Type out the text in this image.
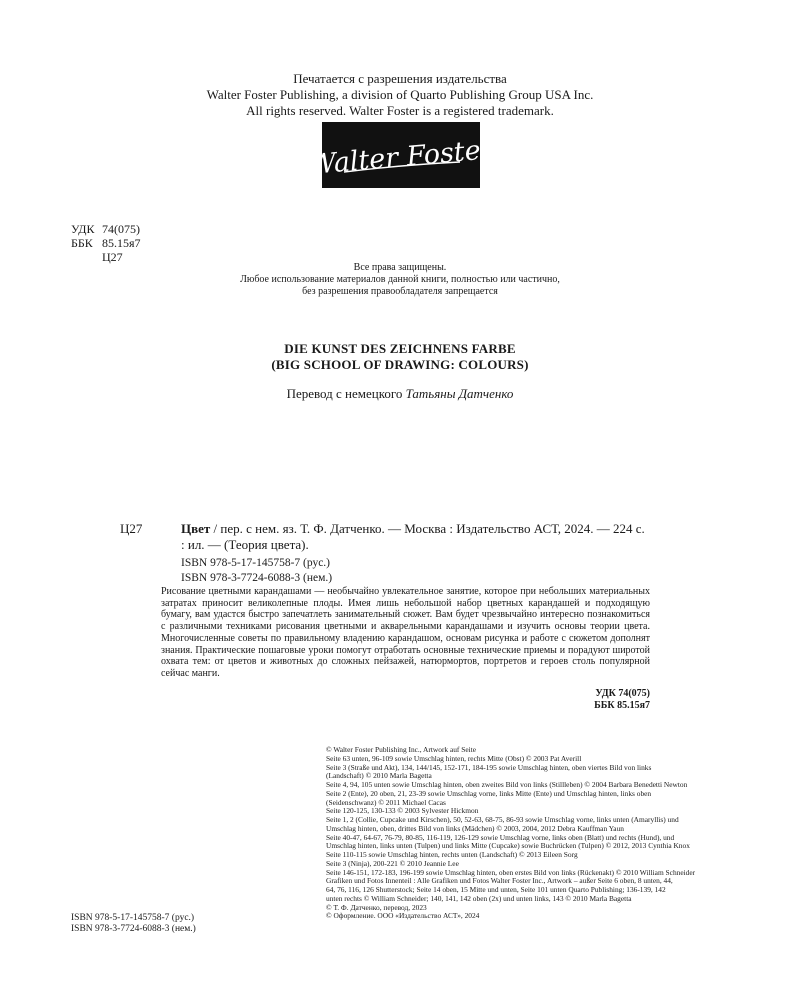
Печатается с разрешения издательства
Walter Foster Publishing, a division of Quarto Publishing Group USA Inc.
All rights reserved. Walter Foster is a registered trademark.
Walter Foster
УДК 74(075)
ББК 85.15я7
Ц27
Все права защищены.
Любое использование материалов данной книги, полностью или частично,
без разрешения правообладателя запрещается
DIE KUNST DES ZEICHNENS FARBE
(BIG SCHOOL OF DRAWING: COLOURS)
Перевод с немецкого Татьяны Датченко
Ц27	Цвет / пер. с нем. яз. Т. Ф. Датченко. — Москва : Издательство АСТ, 2024. — 224 с. : ил. — (Теория цвета).
ISBN 978-5-17-145758-7 (рус.)
ISBN 978-3-7724-6088-3 (нем.)
Рисование цветными карандашами — необычайно увлекательное занятие, которое при небольших материальных затратах приносит великолепные плоды. Имея лишь небольшой набор цветных карандашей и подходящую бумагу, вам удастся быстро запечатлеть занимательный сюжет. Вам будет чрезвычайно интересно познакомиться с различными техниками рисования цветными и акварельными карандашами и изучить основы теории цвета. Многочисленные советы по правильному владению карандашом, основам рисунка и работе с сюжетом дополнят знания. Практические пошаговые уроки помогут отработать основные технические приемы и порадуют широтой охвата тем: от цветов и животных до сложных пейзажей, натюрмортов, портретов и героев столь популярной сейчас манги.
УДК 74(075)
ББК 85.15я7
© Walter Foster Publishing Inc., Artwork auf Seite
Seite 63 unten, 96-109 sowie Umschlag hinten, rechts Mitte (Obst) © 2003 Pat Averill
Seite 3 (Straße und Akt), 134, 144/145, 152-171, 184-195 sowie Umschlag hinten, oben viertes Bild von links
(Landschaft) © 2010 Marla Bagetta
Seite 4, 94, 105 unten sowie Umschlag hinten, oben zweites Bild von links (Stillleben) © 2004 Barbara Benedetti Newton
Seite 2 (Ente), 20 oben, 21, 23-39 sowie Umschlag vorne, links Mitte (Ente) und Umschlag hinten, links oben
(Seidenschwanz) © 2011 Michael Cacas
Seite 120-125, 130-133 © 2003 Sylvester Hickmon
Seite 1, 2 (Collie, Cupcake und Kirschen), 50, 52-63, 68-75, 86-93 sowie Umschlag vorne, links unten (Amaryllis) und
Umschlag hinten, oben, drittes Bild von links (Mädchen) © 2003, 2004, 2012 Debra Kauffman Yaun
Seite 40-47, 64-67, 76-79, 80-85, 116-119, 126-129 sowie Umschlag vorne, links oben (Blatt) und rechts (Hund), und
Umschlag hinten, links unten (Tulpen) und links Mitte (Cupcake) sowie Buchrücken (Tulpen) © 2012, 2013 Cynthia Knox
Seite 110-115 sowie Umschlag hinten, rechts unten (Landschaft) © 2013 Eileen Sorg
Seite 3 (Ninja), 200-221 © 2010 Jeannie Lee
Seite 146-151, 172-183, 196-199 sowie Umschlag hinten, oben erstes Bild von links (Rückenakt) © 2010 William Schneider
Grafiken und Fotos Innenteil : Alle Grafiken und Fotos Walter Foster Inc., Artwork – außer Seite 6 oben, 8 unten, 44,
64, 76, 116, 126 Shutterstock; Seite 14 oben, 15 Mitte und unten, Seite 101 unten Quarto Publishing; 136-139, 142
unten rechts © William Schneider; 140, 141, 142 oben (2x) und unten links, 143 © 2010 Marla Bagetta
© Т. Ф. Датченко, перевод, 2023
© Оформление. ООО «Издательство АСТ», 2024
ISBN 978-5-17-145758-7 (рус.)
ISBN 978-3-7724-6088-3 (нем.)
